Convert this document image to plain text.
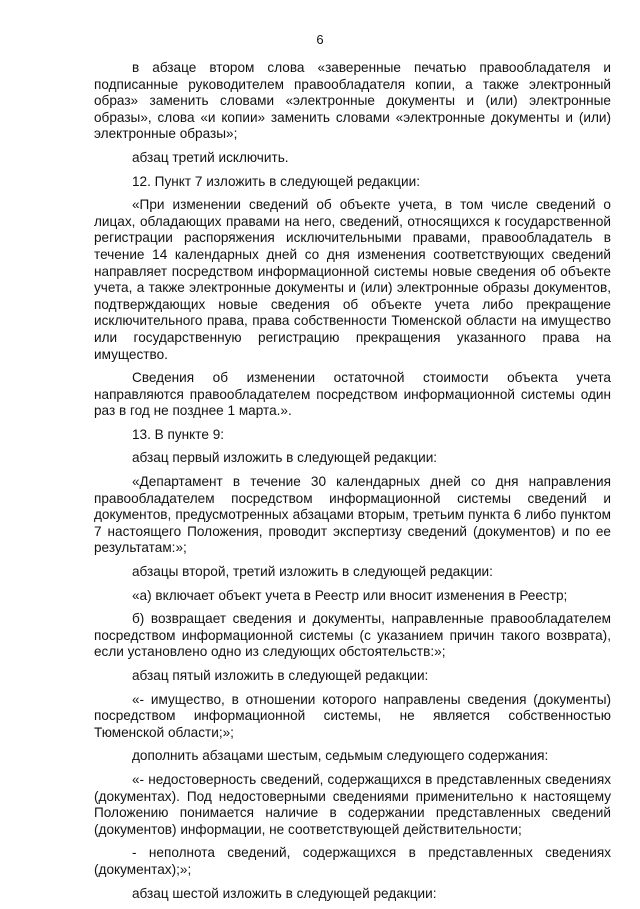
6

в абзаце втором слова «заверенные печатью правообладателя и подписанные руководителем правообладателя копии, а также электронный образ» заменить словами «электронные документы и (или) электронные образы», слова «и копии» заменить словами «электронные документы и (или) электронные образы»;

абзац третий исключить.

12. Пункт 7 изложить в следующей редакции:

«При изменении сведений об объекте учета, в том числе сведений о лицах, обладающих правами на него, сведений, относящихся к государственной регистрации распоряжения исключительными правами, правообладатель в течение 14 календарных дней со дня изменения соответствующих сведений направляет посредством информационной системы новые сведения об объекте учета, а также электронные документы и (или) электронные образы документов, подтверждающих новые сведения об объекте учета либо прекращение исключительного права, права собственности Тюменской области на имущество или государственную регистрацию прекращения указанного права на имущество.

Сведения об изменении остаточной стоимости объекта учета направляются правообладателем посредством информационной системы один раз в год не позднее 1 марта.».

13. В пункте 9:

абзац первый изложить в следующей редакции:

«Департамент в течение 30 календарных дней со дня направления правообладателем посредством информационной системы сведений и документов, предусмотренных абзацами вторым, третьим пункта 6 либо пунктом 7 настоящего Положения, проводит экспертизу сведений (документов) и по ее результатам:»;

абзацы второй, третий изложить в следующей редакции:

«а) включает объект учета в Реестр или вносит изменения в Реестр;

б) возвращает сведения и документы, направленные правообладателем посредством информационной системы (с указанием причин такого возврата), если установлено одно из следующих обстоятельств:»;

абзац пятый изложить в следующей редакции:

«- имущество, в отношении которого направлены сведения (документы) посредством информационной системы, не является собственностью Тюменской области;»;

дополнить абзацами шестым, седьмым следующего содержания:

«- недостоверность сведений, содержащихся в представленных сведениях (документах). Под недостоверными сведениями применительно к настоящему Положению понимается наличие в содержании представленных сведений (документов) информации, не соответствующей действительности;

- неполнота сведений, содержащихся в представленных сведениях (документах);»;

абзац шестой изложить в следующей редакции:
